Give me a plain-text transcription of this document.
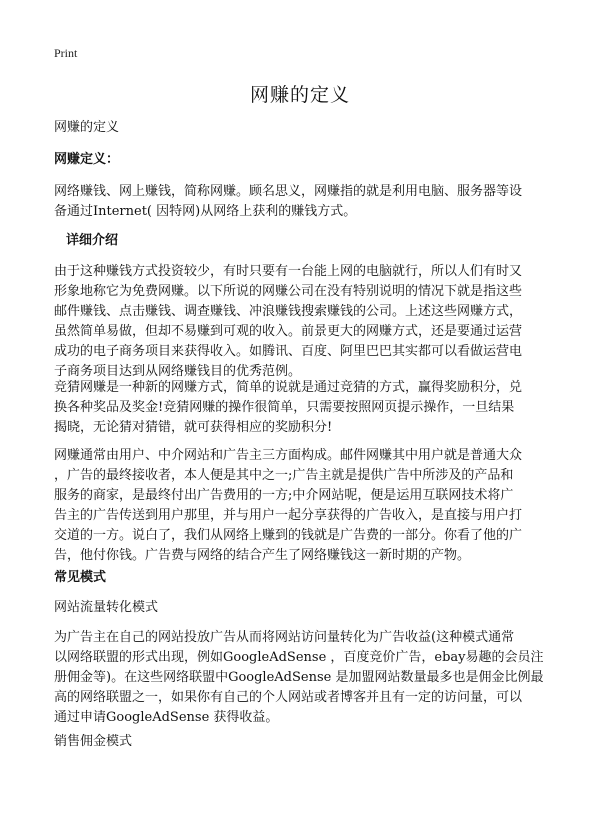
Print
网赚的定义
网赚的定义
网赚定义：
网络赚钱、网上赚钱，简称网赚。顾名思义，网赚指的就是利用电脑、服务器等设
备通过Internet( 因特网)从网络上获利的赚钱方式。
详细介绍
由于这种赚钱方式投资较少，有时只要有一台能上网的电脑就行，所以人们有时又
形象地称它为免费网赚。以下所说的网赚公司在没有特别说明的情况下就是指这些
邮件赚钱、点击赚钱、调查赚钱、冲浪赚钱搜索赚钱的公司。上述这些网赚方式，
虽然简单易做，但却不易赚到可观的收入。前景更大的网赚方式，还是要通过运营
成功的电子商务项目来获得收入。如腾讯、百度、阿里巴巴其实都可以看做运营电
子商务项目达到从网络赚钱目的优秀范例。
竞猜网赚是一种新的网赚方式，简单的说就是通过竞猜的方式，赢得奖励积分，兑
换各种奖品及奖金!竞猜网赚的操作很简单，只需要按照网页提示操作，一旦结果
揭晓，无论猜对猜错，就可获得相应的奖励积分!
网赚通常由用户、中介网站和广告主三方面构成。邮件网赚其中用户就是普通大众
，广告的最终接收者，本人便是其中之一;广告主就是提供广告中所涉及的产品和
服务的商家，是最终付出广告费用的一方;中介网站呢，便是运用互联网技术将广
告主的广告传送到用户那里，并与用户一起分享获得的广告收入，是直接与用户打
交道的一方。说白了，我们从网络上赚到的钱就是广告费的一部分。你看了他的广
告，他付你钱。广告费与网络的结合产生了网络赚钱这一新时期的产物。
常见模式
网站流量转化模式
为广告主在自己的网站投放广告从而将网站访问量转化为广告收益(这种模式通常
以网络联盟的形式出现，例如GoogleAdSense ，百度竞价广告，ebay易趣的会员注
册佣金等)。在这些网络联盟中GoogleAdSense 是加盟网站数量最多也是佣金比例最
高的网络联盟之一，如果你有自己的个人网站或者博客并且有一定的访问量，可以
通过申请GoogleAdSense 获得收益。
销售佣金模式
